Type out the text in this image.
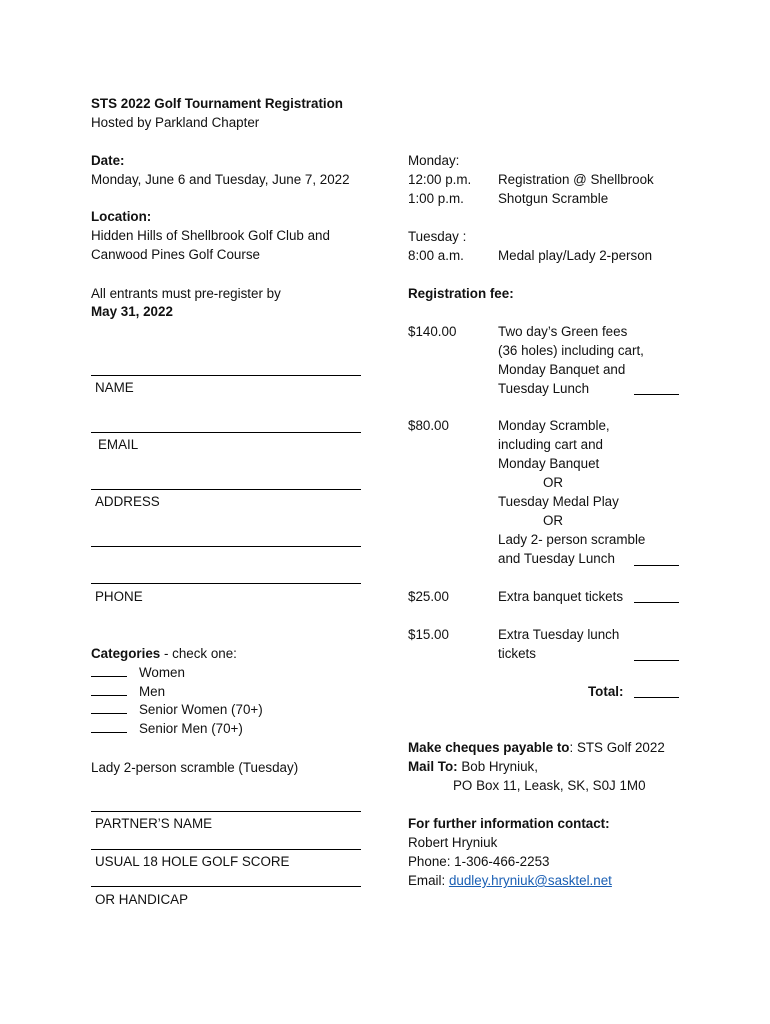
STS 2022 Golf Tournament Registration
Hosted by Parkland Chapter
Date:
Monday, June 6 and Tuesday, June 7, 2022
Location:
Hidden Hills of Shellbrook Golf Club and
Canwood Pines Golf Course
All entrants must pre-register by
May 31, 2022
NAME
EMAIL
ADDRESS
PHONE
Categories - check one:
Women
Men
Senior Women (70+)
Senior Men (70+)
Lady 2-person scramble (Tuesday)
PARTNER’S NAME
USUAL 18 HOLE GOLF SCORE
OR HANDICAP
Monday:
12:00 p.m. Registration @ Shellbrook
1:00 p.m.	Shotgun Scramble
Tuesday :
8:00 a.m.	Medal play/Lady 2-person
Registration fee:
$140.00	Two day’s Green fees
(36 holes) including cart,
Monday Banquet and
Tuesday Lunch
$80.00	Monday Scramble,
including cart and
Monday Banquet
OR
Tuesday Medal Play
OR
Lady 2- person scramble
and Tuesday Lunch
$25.00	Extra banquet tickets
$15.00	Extra Tuesday lunch
tickets
Total:
Make cheques payable to: STS Golf 2022
Mail To: Bob Hryniuk,
PO Box 11, Leask, SK, S0J 1M0
For further information contact:
Robert Hryniuk
Phone: 1-306-466-2253
Email: dudley.hryniuk@sasktel.net
